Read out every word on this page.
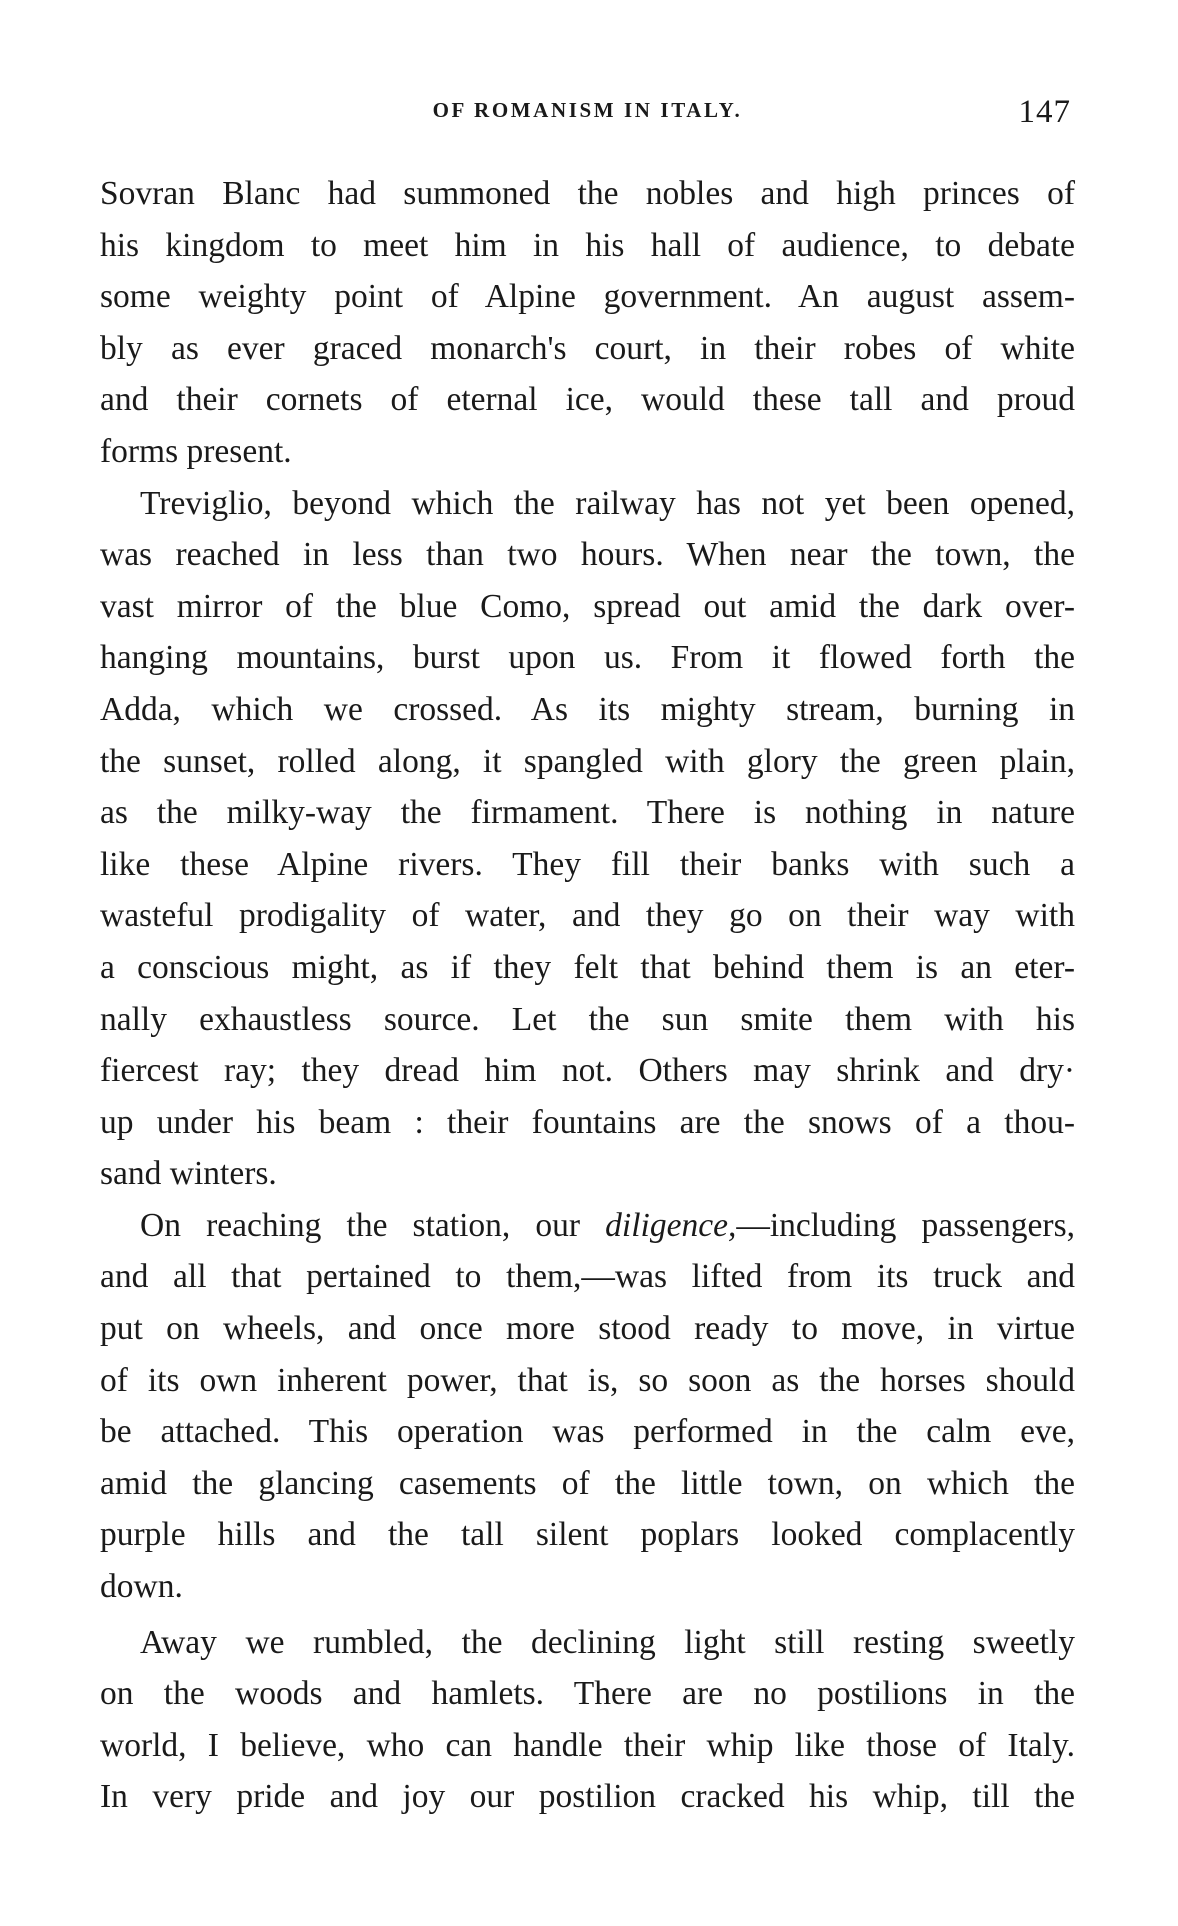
OF ROMANISM IN ITALY.	147
Sovran Blanc had summoned the nobles and high princes of
his kingdom to meet him in his hall of audience, to debate
some weighty point of Alpine government. An august assem-
bly as ever graced monarch's court, in their robes of white
and their cornets of eternal ice, would these tall and proud
forms present.
Treviglio, beyond which the railway has not yet been opened,
was reached in less than two hours. When near the town, the
vast mirror of the blue Como, spread out amid the dark over-
hanging mountains, burst upon us. From it flowed forth the
Adda, which we crossed. As its mighty stream, burning in
the sunset, rolled along, it spangled with glory the green plain,
as the milky-way the firmament. There is nothing in nature
like these Alpine rivers. They fill their banks with such a
wasteful prodigality of water, and they go on their way with
a conscious might, as if they felt that behind them is an eter-
nally exhaustless source. Let the sun smite them with his
fiercest ray; they dread him not. Others may shrink and dry·
up under his beam : their fountains are the snows of a thou-
sand winters.
On reaching the station, our diligence,—including passengers,
and all that pertained to them,—was lifted from its truck and
put on wheels, and once more stood ready to move, in virtue
of its own inherent power, that is, so soon as the horses should
be attached. This operation was performed in the calm eve,
amid the glancing casements of the little town, on which the
purple hills and the tall silent poplars looked complacently
down.
Away we rumbled, the declining light still resting sweetly
on the woods and hamlets. There are no postilions in the
world, I believe, who can handle their whip like those of Italy.
In very pride and joy our postilion cracked his whip, till the
